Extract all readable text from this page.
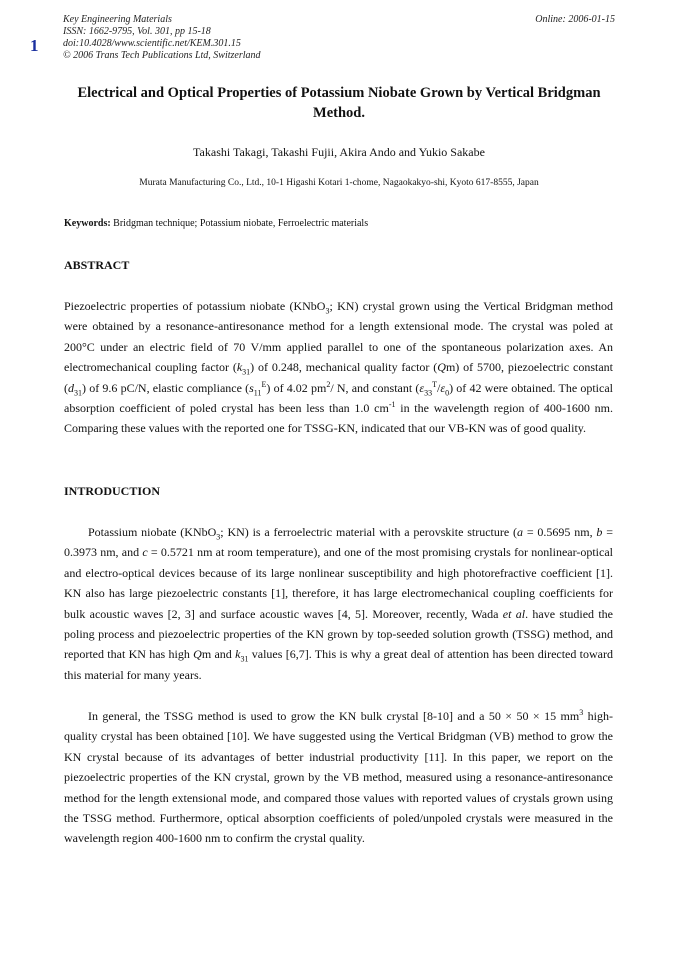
1
Key Engineering Materials
ISSN: 1662-9795, Vol. 301, pp 15-18
doi:10.4028/www.scientific.net/KEM.301.15
© 2006 Trans Tech Publications Ltd, Switzerland
Online: 2006-01-15
Electrical and Optical Properties of Potassium Niobate Grown by Vertical Bridgman Method.
Takashi Takagi, Takashi Fujii, Akira Ando and Yukio Sakabe
Murata Manufacturing Co., Ltd., 10-1 Higashi Kotari 1-chome, Nagaokakyo-shi, Kyoto 617-8555, Japan
Keywords: Bridgman technique; Potassium niobate, Ferroelectric materials
ABSTRACT

Piezoelectric properties of potassium niobate (KNbO$_3$; KN) crystal grown using the Vertical Bridgman method were obtained by a resonance-antiresonance method for a length extensional mode. The crystal was poled at 200°C under an electric field of 70 V/mm applied parallel to one of the spontaneous polarization axes. An electromechanical coupling factor $(k_{31})$ of 0.248, mechanical quality factor (Qm) of 5700, piezoelectric constant $(d_{31})$ of 9.6 pC/N, elastic compliance $(s_{11}^E)$ of 4.02 $pm^2/$ N, and constant $(\varepsilon_{33}^T/\varepsilon_0)$ of 42 were obtained. The optical absorption coefficient of poled crystal has been less than 1.0 $cm^{-1}$ in the wavelength region of 400-1600 nm. Comparing these values with the reported one for TSSG-KN, indicated that our VB-KN was of good quality.

INTRODUCTION

Potassium niobate (KNbO$_3$; KN) is a ferroelectric material with a perovskite structure (a = 0.5695 nm, b = 0.3973 nm, and c = 0.5721 nm at room temperature), and one of the most promising crystals for nonlinear-optical and electro-optical devices because of its large nonlinear susceptibility and high photorefractive coefficient [1]. KN also has large piezoelectric constants [1], therefore, it has large electromechanical coupling coefficients for bulk acoustic waves [2, 3] and surface acoustic waves [4, 5]. Moreover, recently, Wada et al. have studied the poling process and piezoelectric properties of the KN grown by top-seeded solution growth (TSSG) method, and reported that KN has high Qm and $k_{31}$ values [6,7]. This is why a great deal of attention has been directed toward this material for many years.

In general, the TSSG method is used to grow the KN bulk crystal [8-10] and a 50 × 50 × 15 $mm^3$ high-quality crystal has been obtained [10]. We have suggested using the Vertical Bridgman (VB) method to grow the KN crystal because of its advantages of better industrial productivity [11]. In this paper, we report on the piezoelectric properties of the KN crystal, grown by the VB method, measured using a resonance-antiresonance method for the length extensional mode, and compared those values with reported values of crystals grown using the TSSG method. Furthermore, optical absorption coefficients of poled/unpoled crystals were measured in the wavelength region 400-1600 nm to confirm the crystal quality.
